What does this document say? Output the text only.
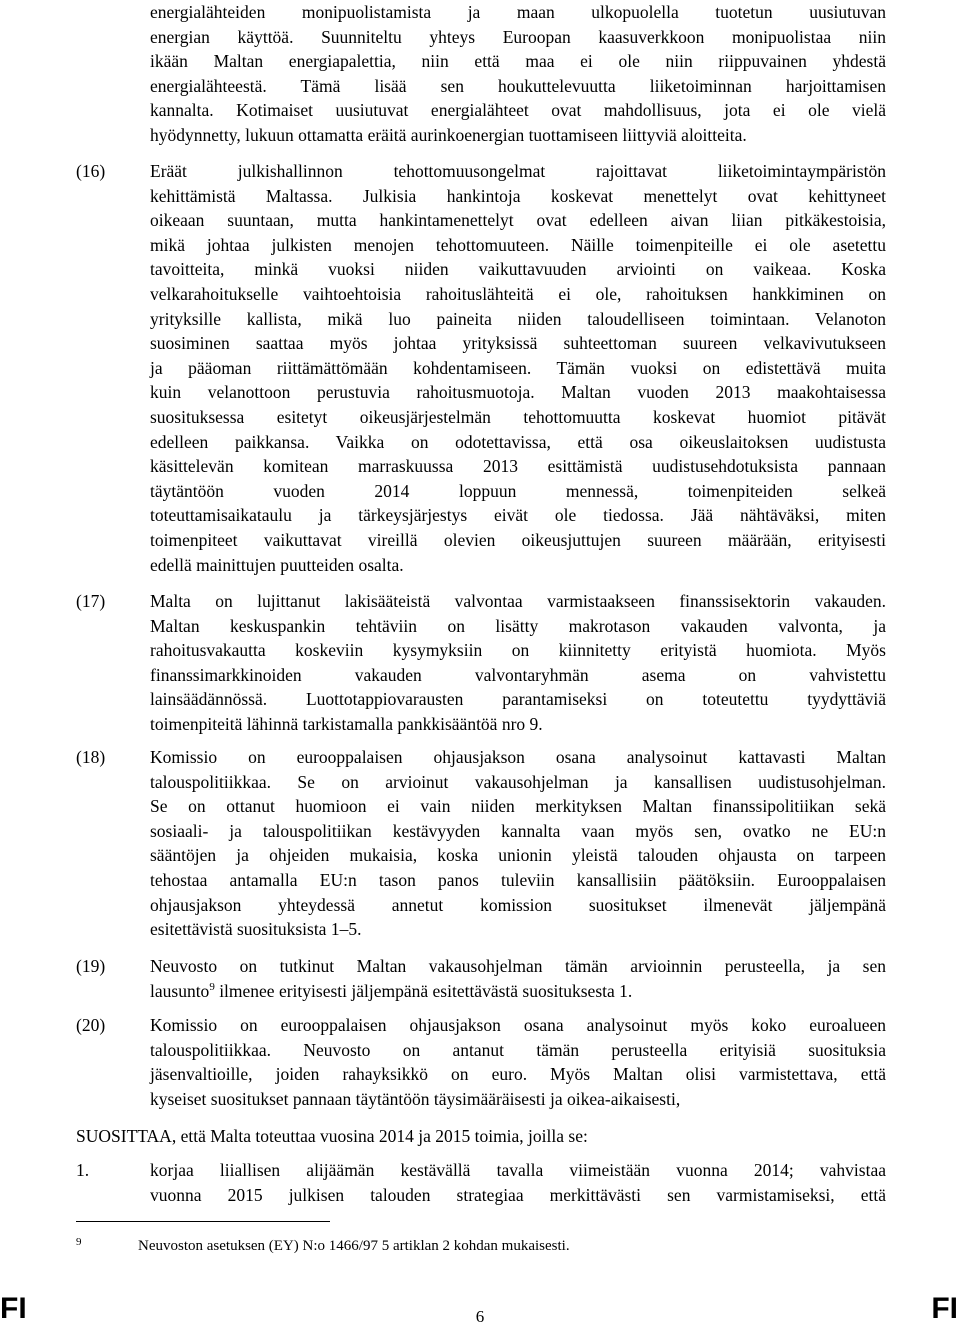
energialähteiden monipuolistamista ja maan ulkopuolella tuotetun uusiutuvan
energian käyttöä. Suunniteltu yhteys Euroopan kaasuverkkoon monipuolistaa niin
ikään Maltan energiapalettia, niin että maa ei ole niin riippuvainen yhdestä
energialähteestä. Tämä lisää sen houkuttelevuutta liiketoiminnan harjoittamisen
kannalta. Kotimaiset uusiutuvat energialähteet ovat mahdollisuus, jota ei ole vielä
hyödynnetty, lukuun ottamatta eräitä aurinkoenergian tuottamiseen liittyviä aloitteita.
(16)	Eräät julkishallinnon tehottomuusongelmat rajoittavat liiketoimintaympäristön
kehittämistä Maltassa. Julkisia hankintoja koskevat menettelyt ovat kehittyneet
oikeaan suuntaan, mutta hankintamenettelyt ovat edelleen aivan liian pitkäkestoisia,
mikä johtaa julkisten menojen tehottomuuteen. Näille toimenpiteille ei ole asetettu
tavoitteita, minkä vuoksi niiden vaikuttavuuden arviointi on vaikeaa. Koska
velkarahoitukselle vaihtoehtoisia rahoituslähteitä ei ole, rahoituksen hankkiminen on
yrityksille kallista, mikä luo paineita niiden taloudelliseen toimintaan. Velanoton
suosiminen saattaa myös johtaa yrityksissä suhteettoman suureen velkavivutukseen
ja pääoman riittämättömään kohdentamiseen. Tämän vuoksi on edistettävä muita
kuin velanottoon perustuvia rahoitusmuotoja. Maltan vuoden 2013 maakohtaisessa
suosituksessa esitetyt oikeusjärjestelmän tehottomuutta koskevat huomiot pitävät
edelleen paikkansa. Vaikka on odotettavissa, että osa oikeuslaitoksen uudistusta
käsittelevän komitean marraskuussa 2013 esittämistä uudistusehdotuksista pannaan
täytäntöön vuoden 2014 loppuun mennessä, toimenpiteiden selkeä
toteuttamisaikataulu ja tärkeysjärjestys eivät ole tiedossa. Jää nähtäväksi, miten
toimenpiteet vaikuttavat vireillä olevien oikeusjuttujen suureen määrään, erityisesti
edellä mainittujen puutteiden osalta.
(17)	Malta on lujittanut lakisääteistä valvontaa varmistaakseen finanssisektorin vakauden.
Maltan keskuspankin tehtäviin on lisätty makrotason vakauden valvonta, ja
rahoitusvakautta koskeviin kysymyksiin on kiinnitetty erityistä huomiota. Myös
finanssimarkkinoiden vakauden valvontaryhmän asema on vahvistettu
lainsäädännössä. Luottotappiovarausten parantamiseksi on toteutettu tyydyttäviä
toimenpiteitä lähinnä tarkistamalla pankkisääntöä nro 9.
(18)	Komissio on eurooppalaisen ohjausjakson osana analysoinut kattavasti Maltan
talouspolitiikkaa. Se on arvioinut vakausohjelman ja kansallisen uudistusohjelman.
Se on ottanut huomioon ei vain niiden merkityksen Maltan finanssipolitiikan sekä
sosiaali- ja talouspolitiikan kestävyyden kannalta vaan myös sen, ovatko ne EU:n
sääntöjen ja ohjeiden mukaisia, koska unionin yleistä talouden ohjausta on tarpeen
tehostaa antamalla EU:n tason panos tuleviin kansallisiin päätöksiin. Eurooppalaisen
ohjausjakson yhteydessä annetut komission suositukset ilmenevät jäljempänä
esitettävistä suosituksista 1–5.
(19)	Neuvosto on tutkinut Maltan vakausohjelman tämän arvioinnin perusteella, ja sen
lausunto$^9$ ilmenee erityisesti jäljempänä esitettävästä suosituksesta 1.
(20)	Komissio on eurooppalaisen ohjausjakson osana analysoinut myös koko euroalueen
talouspolitiikkaa. Neuvosto on antanut tämän perusteella erityisiä suosituksia
jäsenvaltioille, joiden rahayksikkö on euro. Myös Maltan olisi varmistettava, että
kyseiset suositukset pannaan täytäntöön täysimääräisesti ja oikea-aikaisesti,
SUOSITTAA, että Malta toteuttaa vuosina 2014 ja 2015 toimia, joilla se:
1.	korjaa liiallisen alijäämän kestävällä tavalla viimeistään vuonna 2014; vahvistaa
vuonna 2015 julkisen talouden strategiaa merkittävästi sen varmistamiseksi, että
9	Neuvoston asetuksen (EY) N:o 1466/97 5 artiklan 2 kohdan mukaisesti.
6
FI	FI
